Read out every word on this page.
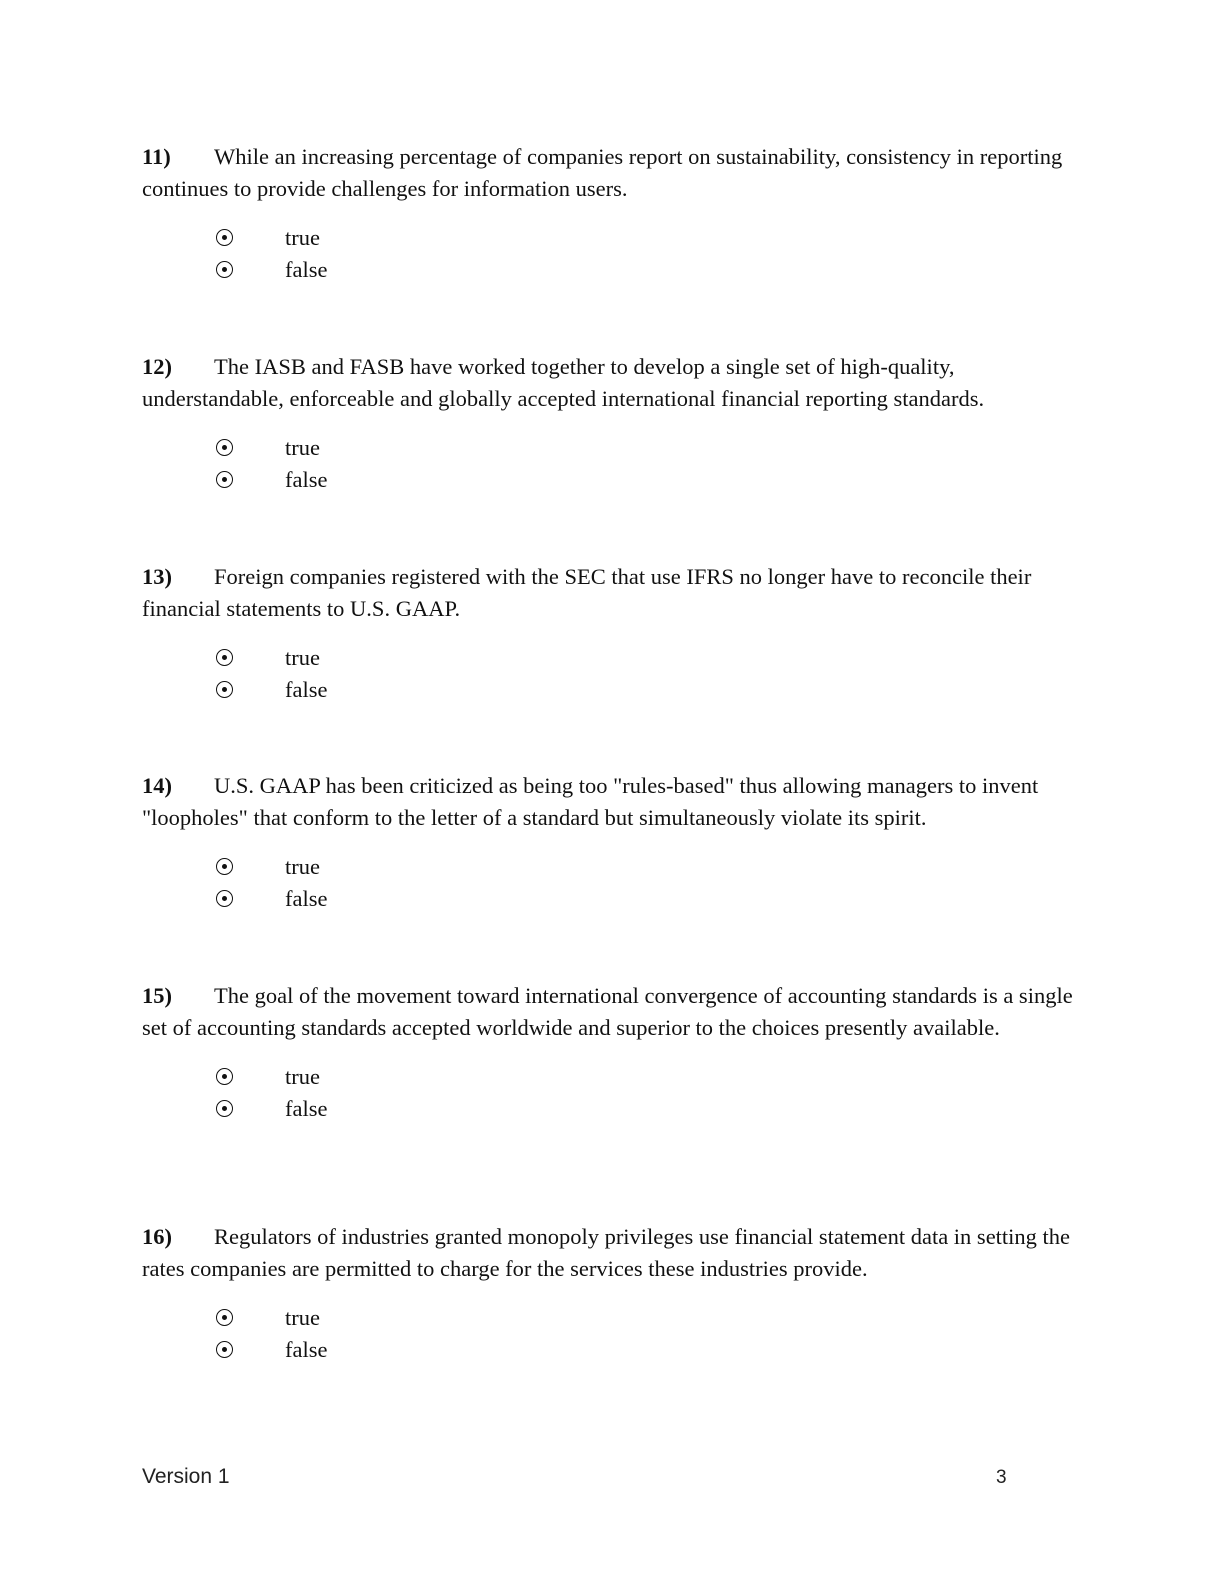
11) While an increasing percentage of companies report on sustainability, consistency in reporting continues to provide challenges for information users.

true
false

12) The IASB and FASB have worked together to develop a single set of high-quality, understandable, enforceable and globally accepted international financial reporting standards.

true
false

13) Foreign companies registered with the SEC that use IFRS no longer have to reconcile their financial statements to U.S. GAAP.

true
false

14) U.S. GAAP has been criticized as being too "rules-based" thus allowing managers to invent "loopholes" that conform to the letter of a standard but simultaneously violate its spirit.

true
false

15) The goal of the movement toward international convergence of accounting standards is a single set of accounting standards accepted worldwide and superior to the choices presently available.

true
false

16) Regulators of industries granted monopoly privileges use financial statement data in setting the rates companies are permitted to charge for the services these industries provide.

true
false
Version 1	3
